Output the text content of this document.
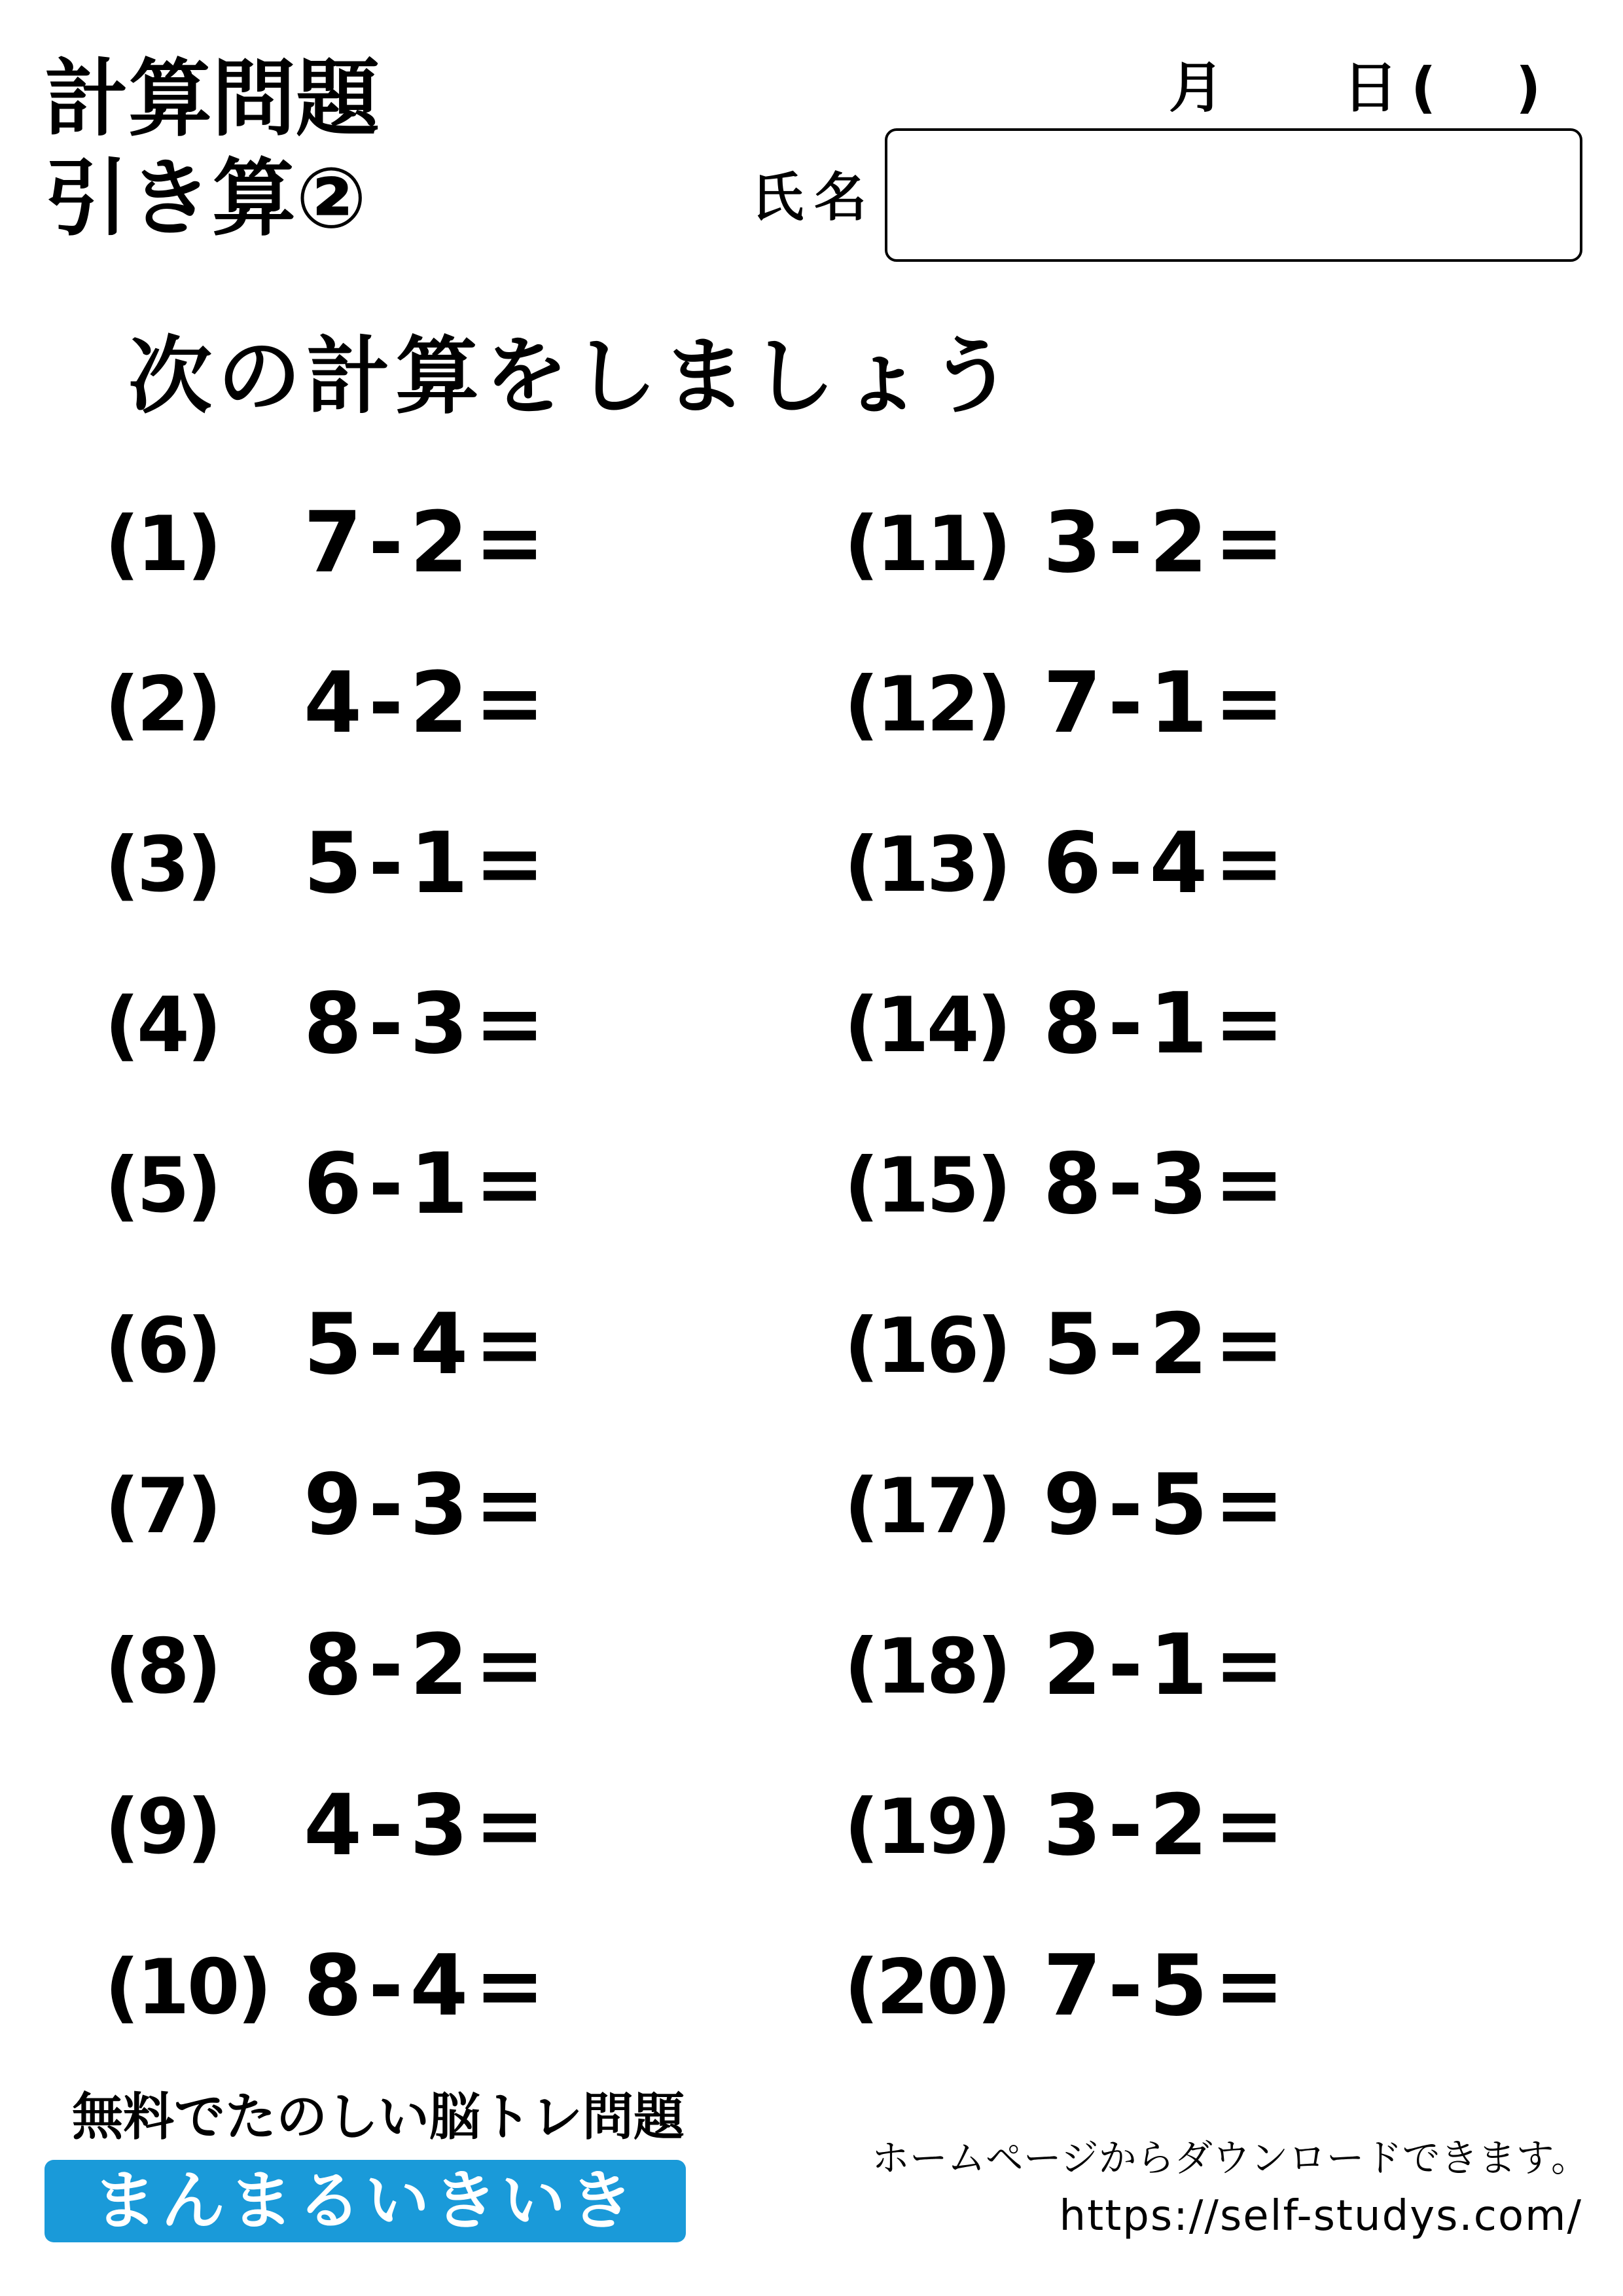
計算問題
引き算②
月 日 ( )
氏名
次の計算をしましょう
(1) 7-2=
(2) 4-2=
(3) 5-1=
(4) 8-3=
(5) 6-1=
(6) 5-4=
(7) 9-3=
(8) 8-2=
(9) 4-3=
(10) 8-4=
(11) 3-2=
(12) 7-1=
(13) 6-4=
(14) 8-1=
(15) 8-3=
(16) 5-2=
(17) 9-5=
(18) 2-1=
(19) 3-2=
(20) 7-5=
無料でたのしい脳トレ問題
まんまるいきいき
ホームページからダウンロードできます。
https://self-studys.com/
